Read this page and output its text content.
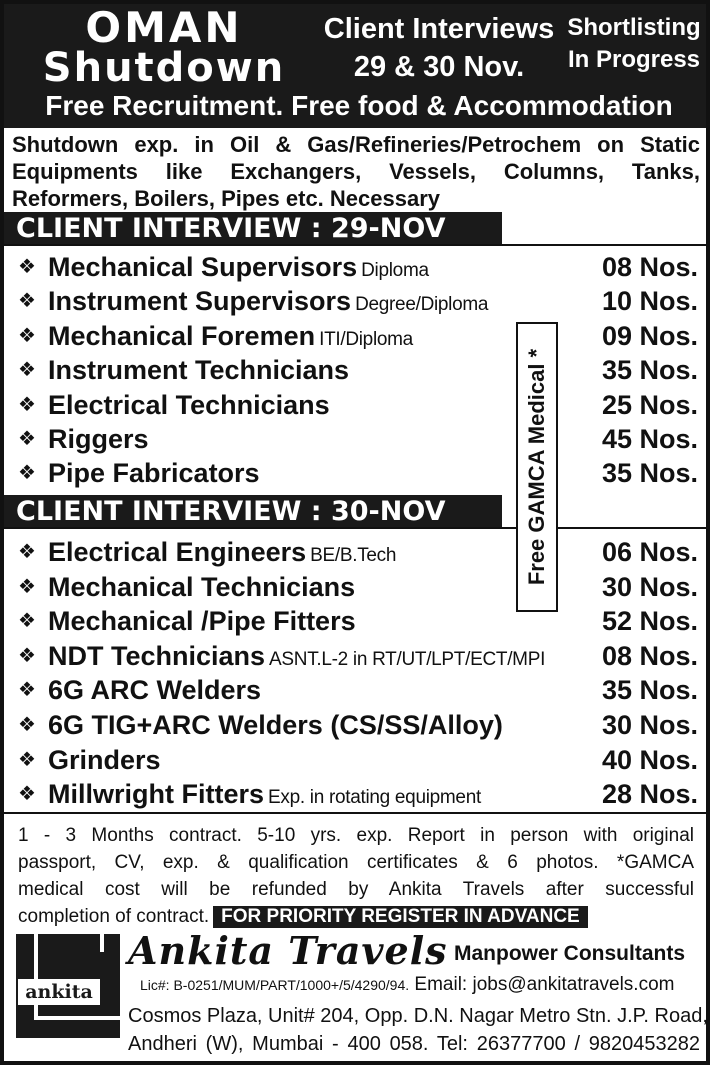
OMAN
Shutdown
Client Interviews
29 & 30 Nov.
Shortlisting
In Progress
Free Recruitment. Free food & Accommodation
Shutdown exp. in Oil & Gas/Refineries/Petrochem on Static
Equipments like Exchangers, Vessels, Columns, Tanks,
Reformers, Boilers, Pipes etc. Necessary
CLIENT INTERVIEW : 29-NOV
❖ Mechanical Supervisors Diploma	08 Nos.
❖ Instrument Supervisors Degree/Diploma	10 Nos.
❖ Mechanical Foremen ITI/Diploma	09 Nos.
❖ Instrument Technicians	35 Nos.
❖ Electrical Technicians	25 Nos.
❖ Riggers	45 Nos.
❖ Pipe Fabricators	35 Nos.
CLIENT INTERVIEW : 30-NOV
❖ Electrical Engineers BE/B.Tech	06 Nos.
❖ Mechanical Technicians	30 Nos.
❖ Mechanical /Pipe Fitters	52 Nos.
❖ NDT Technicians ASNT.L-2 in RT/UT/LPT/ECT/MPI 08 Nos.
❖ 6G ARC Welders	35 Nos.
❖ 6G TIG+ARC Welders (CS/SS/Alloy)	30 Nos.
❖ Grinders	40 Nos.
❖ Millwright Fitters Exp. in rotating equipment	28 Nos.
Free GAMCA Medical *
1 - 3 Months contract. 5-10 yrs. exp. Report in person with original
passport, CV, exp. & qualification certificates & 6 photos. *GAMCA
medical cost will be refunded by Ankita Travels after successful
completion of contract. FOR PRIORITY REGISTER IN ADVANCE
ankita
Ankita Travels Manpower Consultants
Lic#: B-0251/MUM/PART/1000+/5/4290/94. Email: jobs@ankitatravels.com
Cosmos Plaza, Unit# 204, Opp. D.N. Nagar Metro Stn. J.P. Road,
Andheri (W), Mumbai - 400 058. Tel: 26377700 / 9820453282
